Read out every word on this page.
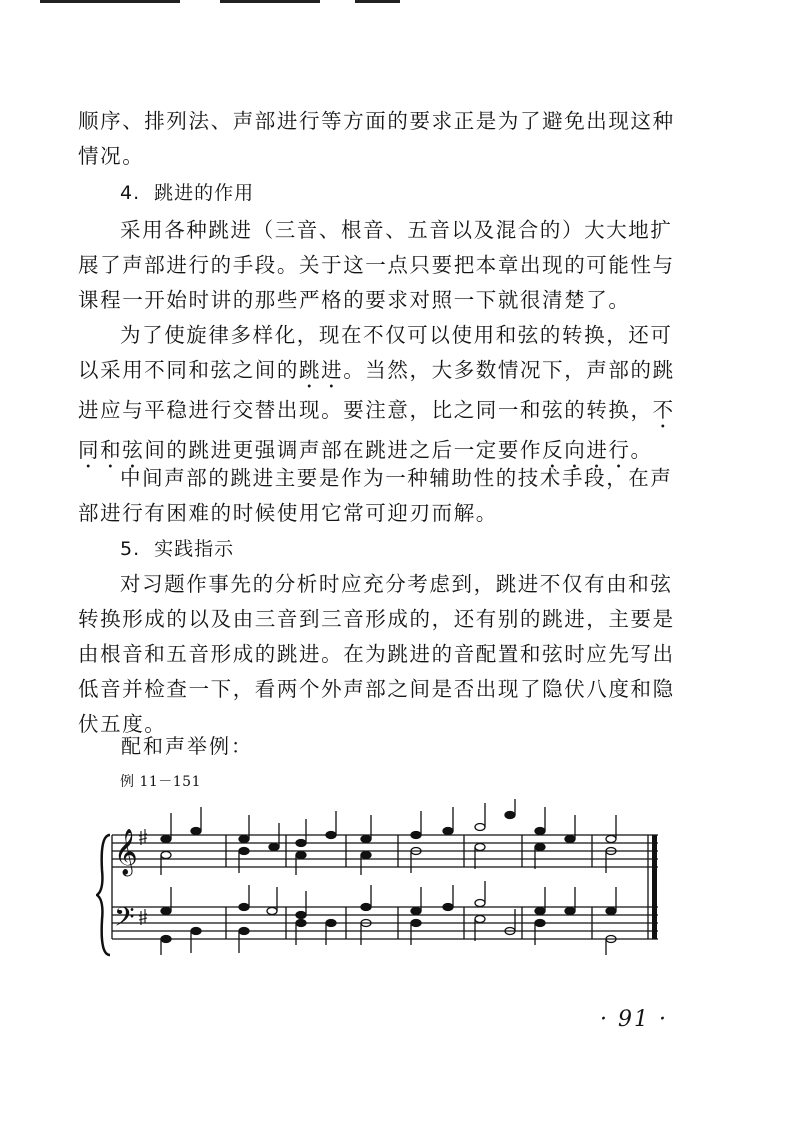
顺序、排列法、声部进行等方面的要求正是为了避免出现这种情况。

4. 跳进的作用

采用各种跳进（三音、根音、五音以及混合的）大大地扩展了声部进行的手段。关于这一点只要把本章出现的可能性与课程一开始时讲的那些严格的要求对照一下就很清楚了。

为了使旋律多样化，现在不仅可以使用和弦的转换，还可以采用不同和弦之间的跳进。当然，大多数情况下，声部的跳进应与平稳进行交替出现。要注意，比之同一和弦的转换，不同和弦间的跳进更强调声部在跳进之后一定要作反向进行。

中间声部的跳进主要是作为一种辅助性的技术手段，在声部进行有困难的时候使用它常可迎刃而解。

5. 实践指示

对习题作事先的分析时应充分考虑到，跳进不仅有由和弦转换形成的以及由三音到三音形成的，还有别的跳进，主要是由根音和五音形成的跳进。在为跳进的音配置和弦时应先写出低音并检查一下，看两个外声部之间是否出现了隐伏八度和隐伏五度。

配和声举例：
例 11－151
𝄞
𝄢
· 91 ·
